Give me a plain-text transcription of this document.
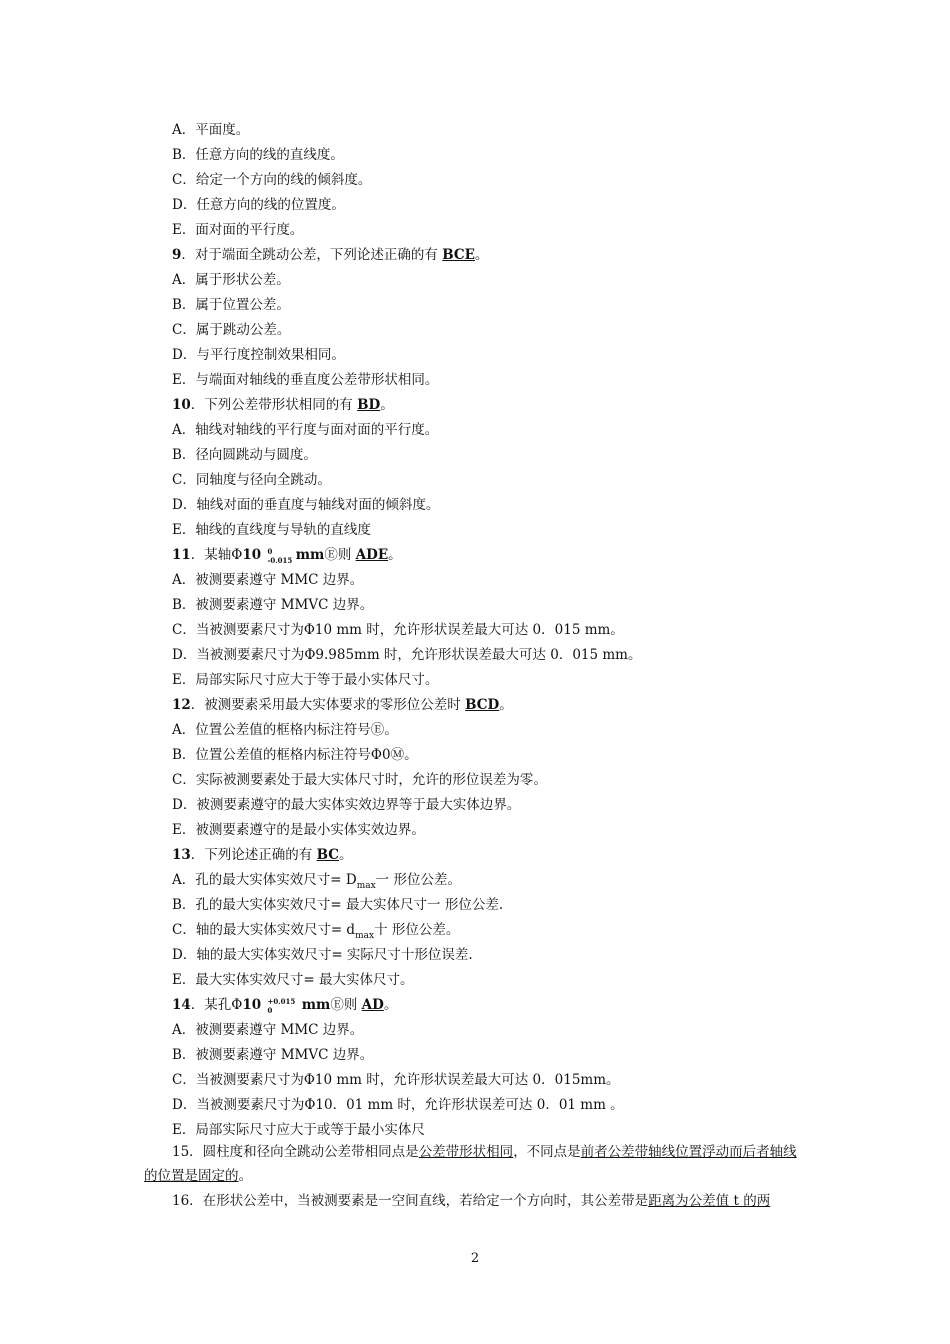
A．平面度。
B．任意方向的线的直线度。
C．给定一个方向的线的倾斜度。
D．任意方向的线的位置度。
E．面对面的平行度。
9．对于端面全跳动公差，下列论述正确的有 BCE。
A．属于形状公差。
B．属于位置公差。
C．属于跳动公差。
D．与平行度控制效果相同。
E．与端面对轴线的垂直度公差带形状相同。
10．下列公差带形状相同的有 BD。
A．轴线对轴线的平行度与面对面的平行度。
B．径向圆跳动与圆度。
C．同轴度与径向全跳动。
D．轴线对面的垂直度与轴线对面的倾斜度。
E．轴线的直线度与导轨的直线度
11．某轴Φ10 0
-0.015 mmⒺ则 ADE。
A．被测要素遵守 MMC 边界。
B．被测要素遵守 MMVC 边界。
C．当被测要素尺寸为Φ10 mm 时，允许形状误差最大可达 0．015 mm。
D．当被测要素尺寸为Φ9.985mm 时，允许形状误差最大可达 0．015 mm。
E．局部实际尺寸应大于等于最小实体尺寸。
12．被测要素采用最大实体要求的零形位公差时 BCD。
A．位置公差值的框格内标注符号Ⓔ。
B．位置公差值的框格内标注符号Φ0Ⓜ。
C．实际被测要素处于最大实体尺寸时，允许的形位误差为零。
D．被测要素遵守的最大实体实效边界等于最大实体边界。
E．被测要素遵守的是最小实体实效边界。
13．下列论述正确的有 BC。
A．孔的最大实体实效尺寸= $D_{max}$一 形位公差。
B．孔的最大实体实效尺寸= 最大实体尺寸一 形位公差.
C．轴的最大实体实效尺寸= $d_{max}$十 形位公差。
D．轴的最大实体实效尺寸= 实际尺寸十形位误差.
E．最大实体实效尺寸= 最大实体尺寸。
14．某孔Φ10 +0.015
0 mmⒺ则 AD。
A．被测要素遵守 MMC 边界。
B．被测要素遵守 MMVC 边界。
C．当被测要素尺寸为Φ10 mm 时，允许形状误差最大可达 0．015mm。
D．当被测要素尺寸为Φ10．01 mm 时，允许形状误差可达 0．01 mm 。
E．局部实际尺寸应大于或等于最小实体尺
15．圆柱度和径向全跳动公差带相同点是公差带形状相同，不同点是前者公差带轴线位置浮动而后者轴线的位置是固定的。
16．在形状公差中，当被测要素是一空间直线，若给定一个方向时，其公差带是距离为公差值 t 的两
2
